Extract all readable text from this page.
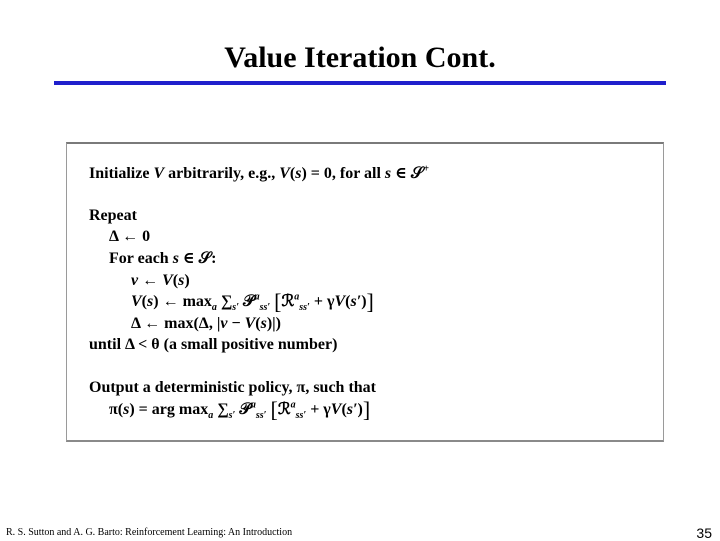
Value Iteration Cont.
Initialize V arbitrarily, e.g., V(s) = 0, for all s ∈ 𝒮+
Repeat
Δ ← 0
For each s ∈ 𝒮:
v ← V(s)
V(s) ← $\max_a \sum_{s'}$ 𝒫$^a_{ss'}$ [ℛ$^a_{ss'}$ + γV(s′)]
Δ ← max(Δ, |v − V(s)|)
until Δ < θ (a small positive number)
Output a deterministic policy, π, such that
π(s) = arg $\max_a \sum_{s'}$ 𝒫$^a_{ss'}$ [ℛ$^a_{ss'}$ + γV(s′)]
R. S. Sutton and A. G. Barto: Reinforcement Learning: An Introduction	35
